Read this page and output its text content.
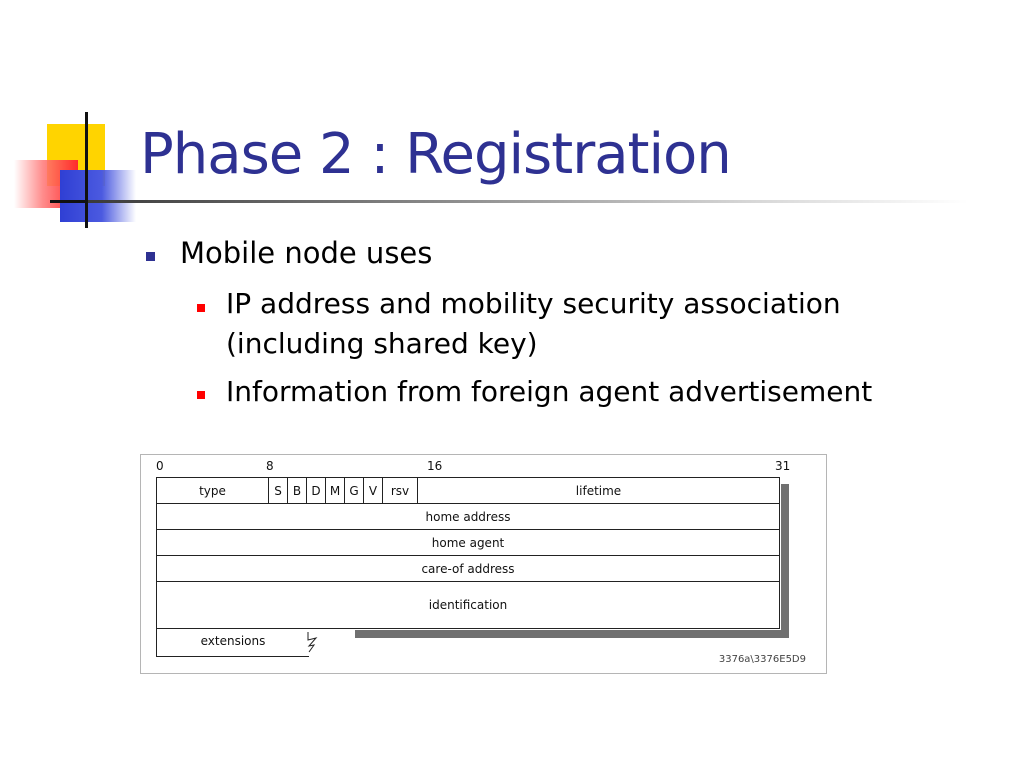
Phase 2 : Registration
Mobile node uses
IP address and mobility security association
(including shared key)
Information from foreign agent advertisement
0	8	16	31
type	S B D M G V	rsv	lifetime
home address
home agent
care-of address
identification
extensions
3376a\3376E5D9
